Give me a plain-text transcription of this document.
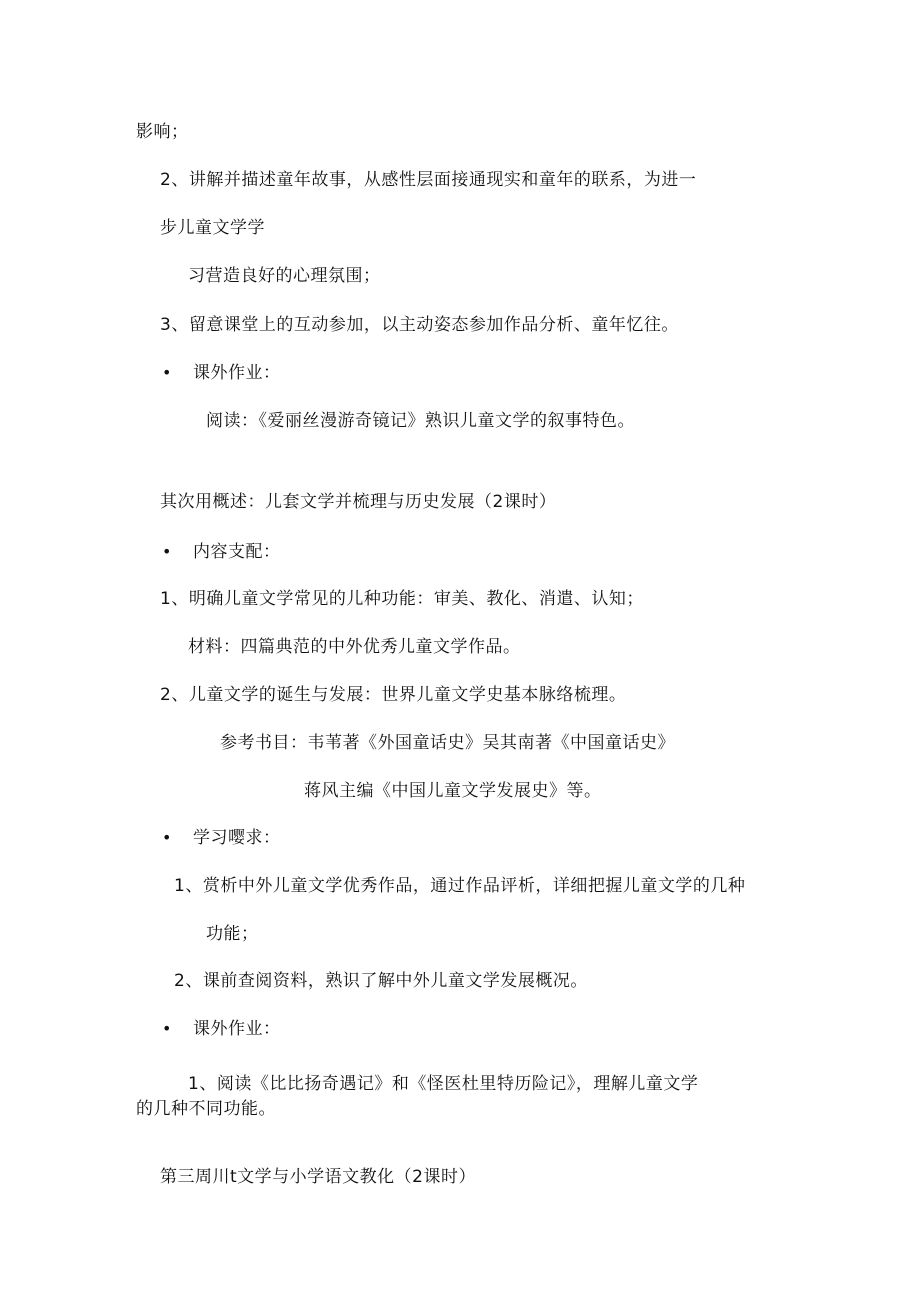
影响；
2、讲解并描述童年故事，从感性层面接通现实和童年的联系，为进一
步儿童文学学
习营造良好的心理氛围；
3、留意课堂上的互动参加，以主动姿态参加作品分析、童年忆往。
• 课外作业：
阅读：《爱丽丝漫游奇镜记》熟识儿童文学的叙事特色。
其次用概述：儿套文学并梳理与历史发展（2课时）
• 内容支配：
1、明确儿童文学常见的儿种功能：审美、教化、消遣、认知；
材料：四篇典范的中外优秀儿童文学作品。
2、儿童文学的诞生与发展：世界儿童文学史基本脉络梳理。
参考书目：韦苇著《外国童话史》吴其南著《中国童话史》
蒋风主编《中国儿童文学发展史》等。
• 学习嘤求：
1、赏析中外儿童文学优秀作品，通过作品评析，详细把握儿童文学的几种
功能；
2、课前查阅资料，熟识了解中外儿童文学发展概况。
• 课外作业：
1、阅读《比比扬奇遇记》和《怪医杜里特历险记》，理解儿童文学
的几种不同功能。
第三周川t文学与小学语文教化（2课时）
